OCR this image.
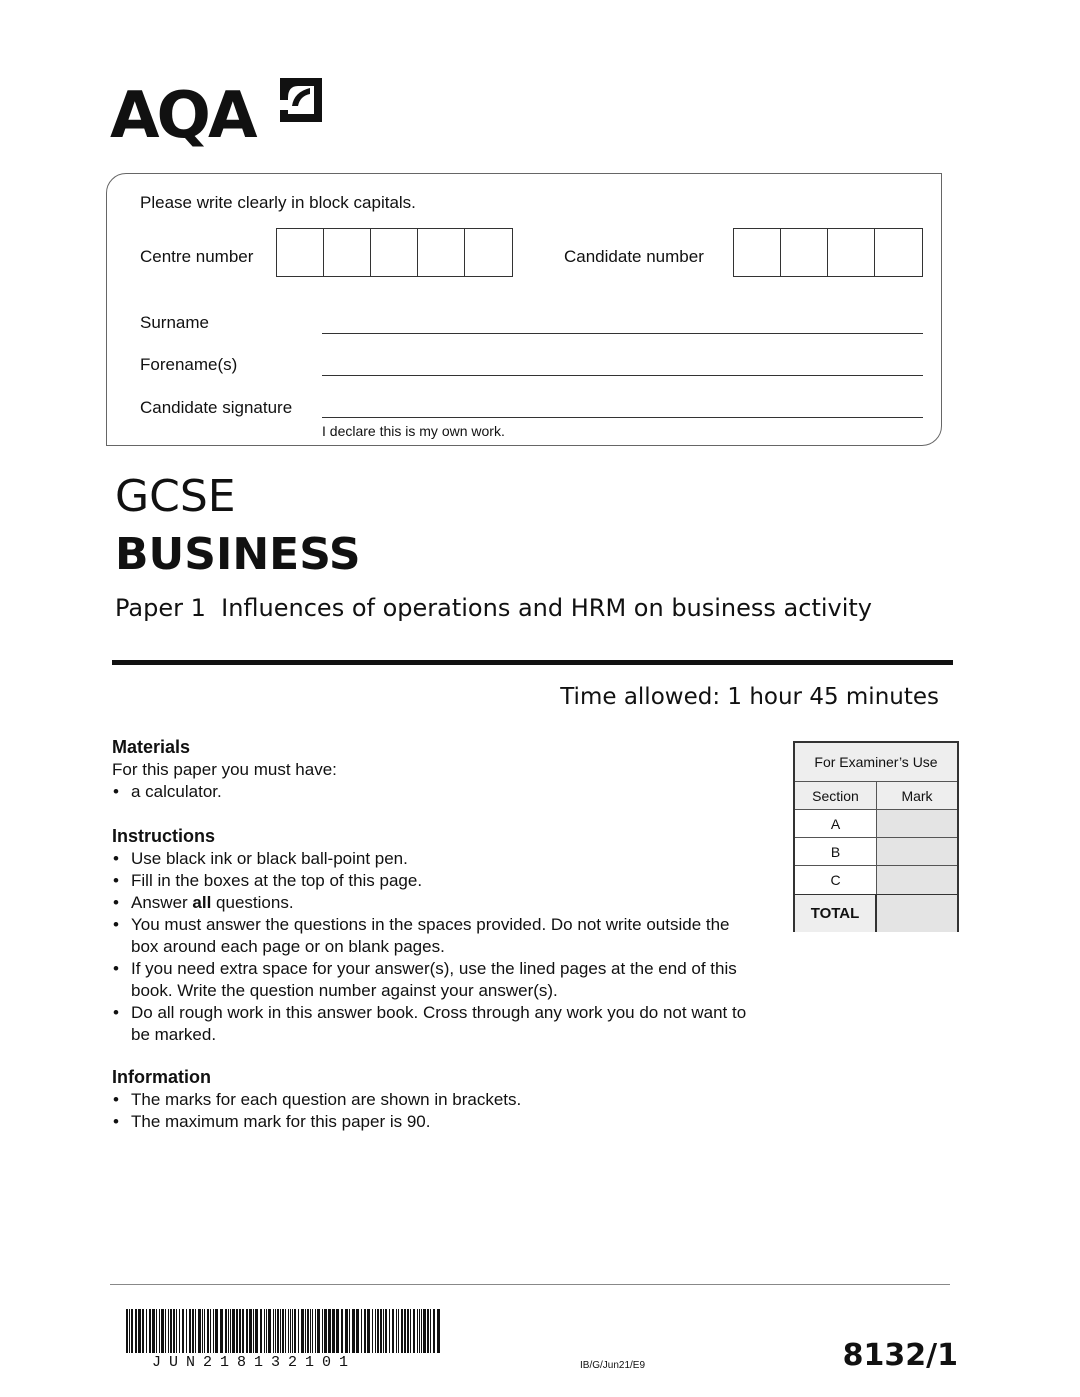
AQA
Please write clearly in block capitals.
Centre number	Candidate number
Surname
Forename(s)
Candidate signature
I declare this is my own work.
GCSE
BUSINESS
Paper 1 Influences of operations and HRM on business activity
Time allowed: 1 hour 45 minutes
Materials
For this paper you must have:
• a calculator.
Instructions
• Use black ink or black ball-point pen.
• Fill in the boxes at the top of this page.
• Answer all questions.
• You must answer the questions in the spaces provided. Do not write outside the box around each page or on blank pages.
• If you need extra space for your answer(s), use the lined pages at the end of this book. Write the question number against your answer(s).
• Do all rough work in this answer book. Cross through any work you do not want to be marked.
Information
• The marks for each question are shown in brackets.
• The maximum mark for this paper is 90.
For Examiner’s Use
Section	Mark
A
B
C
TOTAL
JUN218132101	IB/G/Jun21/E9	8132/1
